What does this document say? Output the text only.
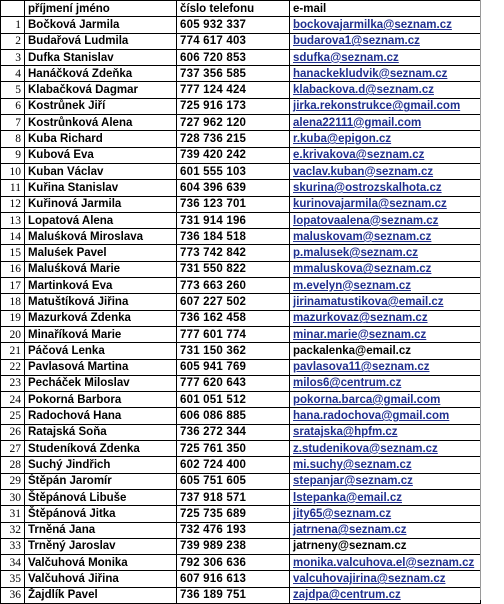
	příjmení jméno	číslo telefonu	e-mail
1	Bočková Jarmila	605 932 337	bockovajarmilka@seznam.cz
2	Budařová Ludmila	774 617 403	budarova1@seznam.cz
3	Dufka Stanislav	606 720 853	sdufka@seznam.cz
4	Hanáčková Zdeňka	737 356 585	hanackekludvik@seznam.cz
5	Klabačková Dagmar	777 124 424	klabackova.d@seznam.cz
6	Kostrůnek Jiří	725 916 173	jirka.rekonstrukce@gmail.com
7	Kostrůnková Alena	727 962 120	alena22111@gmail.com
8	Kuba Richard	728 736 215	r.kuba@epigon.cz
9	Kubová Eva	739 420 242	e.krivakova@seznam.cz
10	Kuban Václav	601 555 103	vaclav.kuban@seznam.cz
11	Kuřina Stanislav	604 396 639	skurina@ostrozskalhota.cz
12	Kuřinová Jarmila	736 123 701	kurinovajarmila@seznam.cz
13	Lopatová Alena	731 914 196	lopatovaalena@seznam.cz
14	Maluśková Miroslava	736 184 518	maluskovam@seznam.cz
15	Maluśek Pavel	773 742 842	p.malusek@seznam.cz
16	Maluśková Marie	731 550 822	mmaluskova@seznam.cz
17	Martinková Eva	773 663 260	m.evelyn@seznam.cz
18	Matuštíková Jiřina	607 227 502	jirinamatustikova@email.cz
19	Mazurková Zdenka	736 162 458	mazurkovaz@seznam.cz
20	Minaříková Marie	777 601 774	minar.marie@seznam.cz
21	Páčová Lenka	731 150 362	packalenka@email.cz
22	Pavlasová Martina	605 941 769	pavlasova11@seznam.cz
23	Pecháček Miloslav	777 620 643	milos6@centrum.cz
24	Pokorná Barbora	601 051 512	pokorna.barca@gmail.com
25	Radochová Hana	606 086 885	hana.radochova@gmail.com
26	Ratajská Soňa	736 272 344	sratajska@hpfm.cz
27	Studeníková Zdenka	725 761 350	z.studenikova@seznam.cz
28	Suchý Jindřich	602 724 400	mi.suchy@seznam.cz
29	Štěpán Jaromír	605 751 605	stepanjar@seznam.cz
30	Štěpánová Libuše	737 918 571	lstepanka@email.cz
31	Štěpánová Jitka	725 735 689	jity65@seznam.cz
32	Trněná Jana	732 476 193	jatrnena@seznam.cz
33	Trněný Jaroslav	739 989 238	jatrneny@seznam.cz
34	Valčuhová Monika	792 306 636	monika.valcuhova.el@seznam.cz
35	Valčuhová Jiřina	607 916 613	valcuhovajirina@seznam.cz
36	Žajdlík Pavel	736 189 751	zajdpa@centrum.cz
